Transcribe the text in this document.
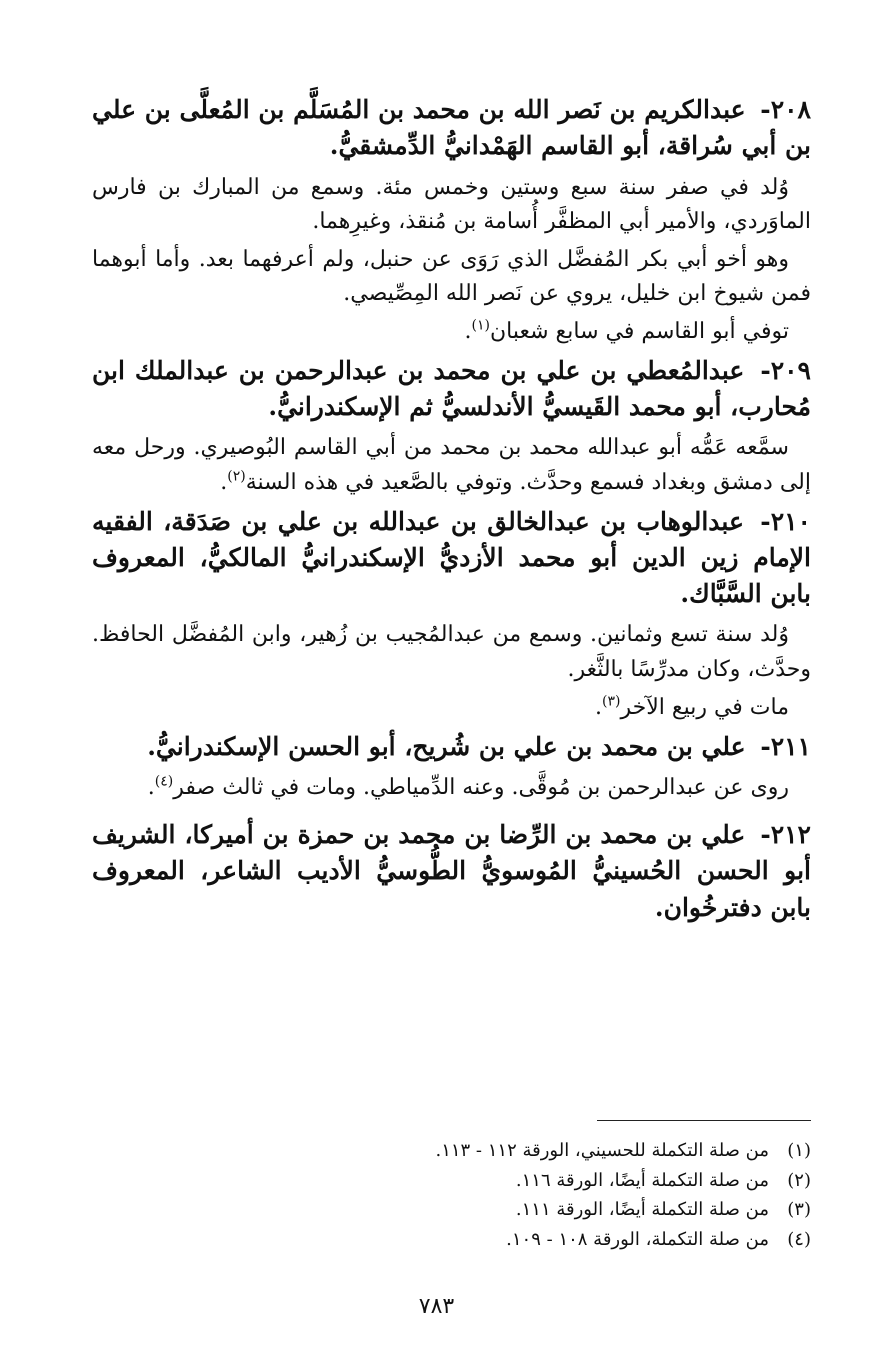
٢٠٨- عبدالكريم بن نَصر الله بن محمد بن المُسَلَّم بن المُعلَّى بن علي بن أبي سُراقة، أبو القاسم الهَمْدانيُّ الدِّمشقيُّ.

وُلد في صفر سنة سبع وستين وخمس مئة. وسمع من المبارك بن فارس الماوَردي، والأمير أبي المظفَّر أُسامة بن مُنقذ، وغيرِهما.

وهو أخو أبي بكر المُفضَّل الذي رَوَى عن حنبل، ولم أعرفهما بعد. وأما أبوهما فمن شيوخ ابن خليل، يروي عن نَصر الله المِصِّيصي.

توفي أبو القاسم في سابع شعبان$^{(١)}$.

٢٠٩- عبدالمُعطي بن علي بن محمد بن عبدالرحمن بن عبدالملك ابن مُحارب، أبو محمد القَيسيُّ الأندلسيُّ ثم الإسكندرانيُّ.

سمَّعه عَمُّه أبو عبدالله محمد بن محمد من أبي القاسم البُوصيري. ورحل معه إلى دمشق وبغداد فسمع وحدَّث. وتوفي بالصَّعيد في هذه السنة$^{(٢)}$.

٢١٠- عبدالوهاب بن عبدالخالق بن عبدالله بن علي بن صَدَقة، الفقيه الإمام زين الدين أبو محمد الأزديُّ الإسكندرانيُّ المالكيُّ، المعروف بابن السَّبَّاك.

وُلد سنة تسع وثمانين. وسمع من عبدالمُجيب بن زُهير، وابن المُفضَّل الحافظ. وحدَّث، وكان مدرِّسًا بالثَّغر.

مات في ربيع الآخر$^{(٣)}$.

٢١١- علي بن محمد بن علي بن شُريح، أبو الحسن الإسكندرانيُّ.

روى عن عبدالرحمن بن مُوقَّى. وعنه الدِّمياطي. ومات في ثالث صفر$^{(٤)}$.

٢١٢- علي بن محمد بن الرِّضا بن محمد بن حمزة بن أميركا، الشريف أبو الحسن الحُسينيُّ المُوسويُّ الطُّوسيُّ الأديب الشاعر، المعروف بابن دفترخُوان.

(١)
من صلة التكملة للحسيني، الورقة ١١٢ - ١١٣.
(٢)
من صلة التكملة أيضًا، الورقة ١١٦.
(٣)
من صلة التكملة أيضًا، الورقة ١١١.
(٤)
من صلة التكملة، الورقة ١٠٨ - ١٠٩.
٧٨٣
